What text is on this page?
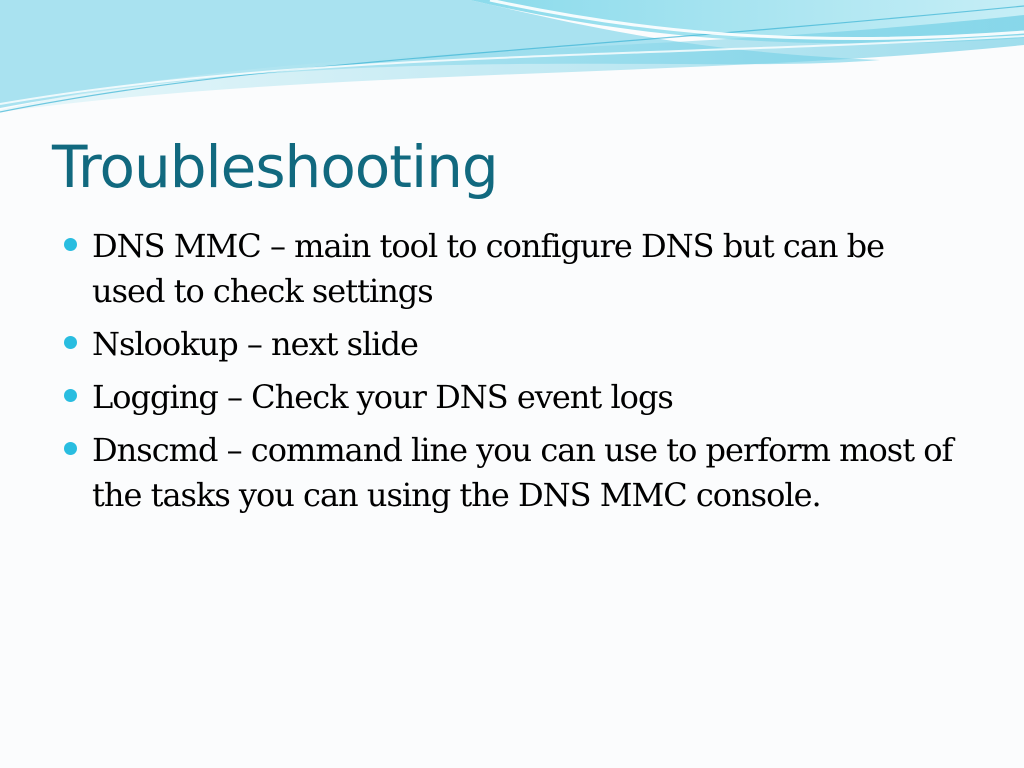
Troubleshooting
DNS MMC – main tool to configure DNS but can be used to check settings
Nslookup – next slide
Logging – Check your DNS event logs
Dnscmd – command line you can use to perform most of the tasks you can using the DNS MMC console.
